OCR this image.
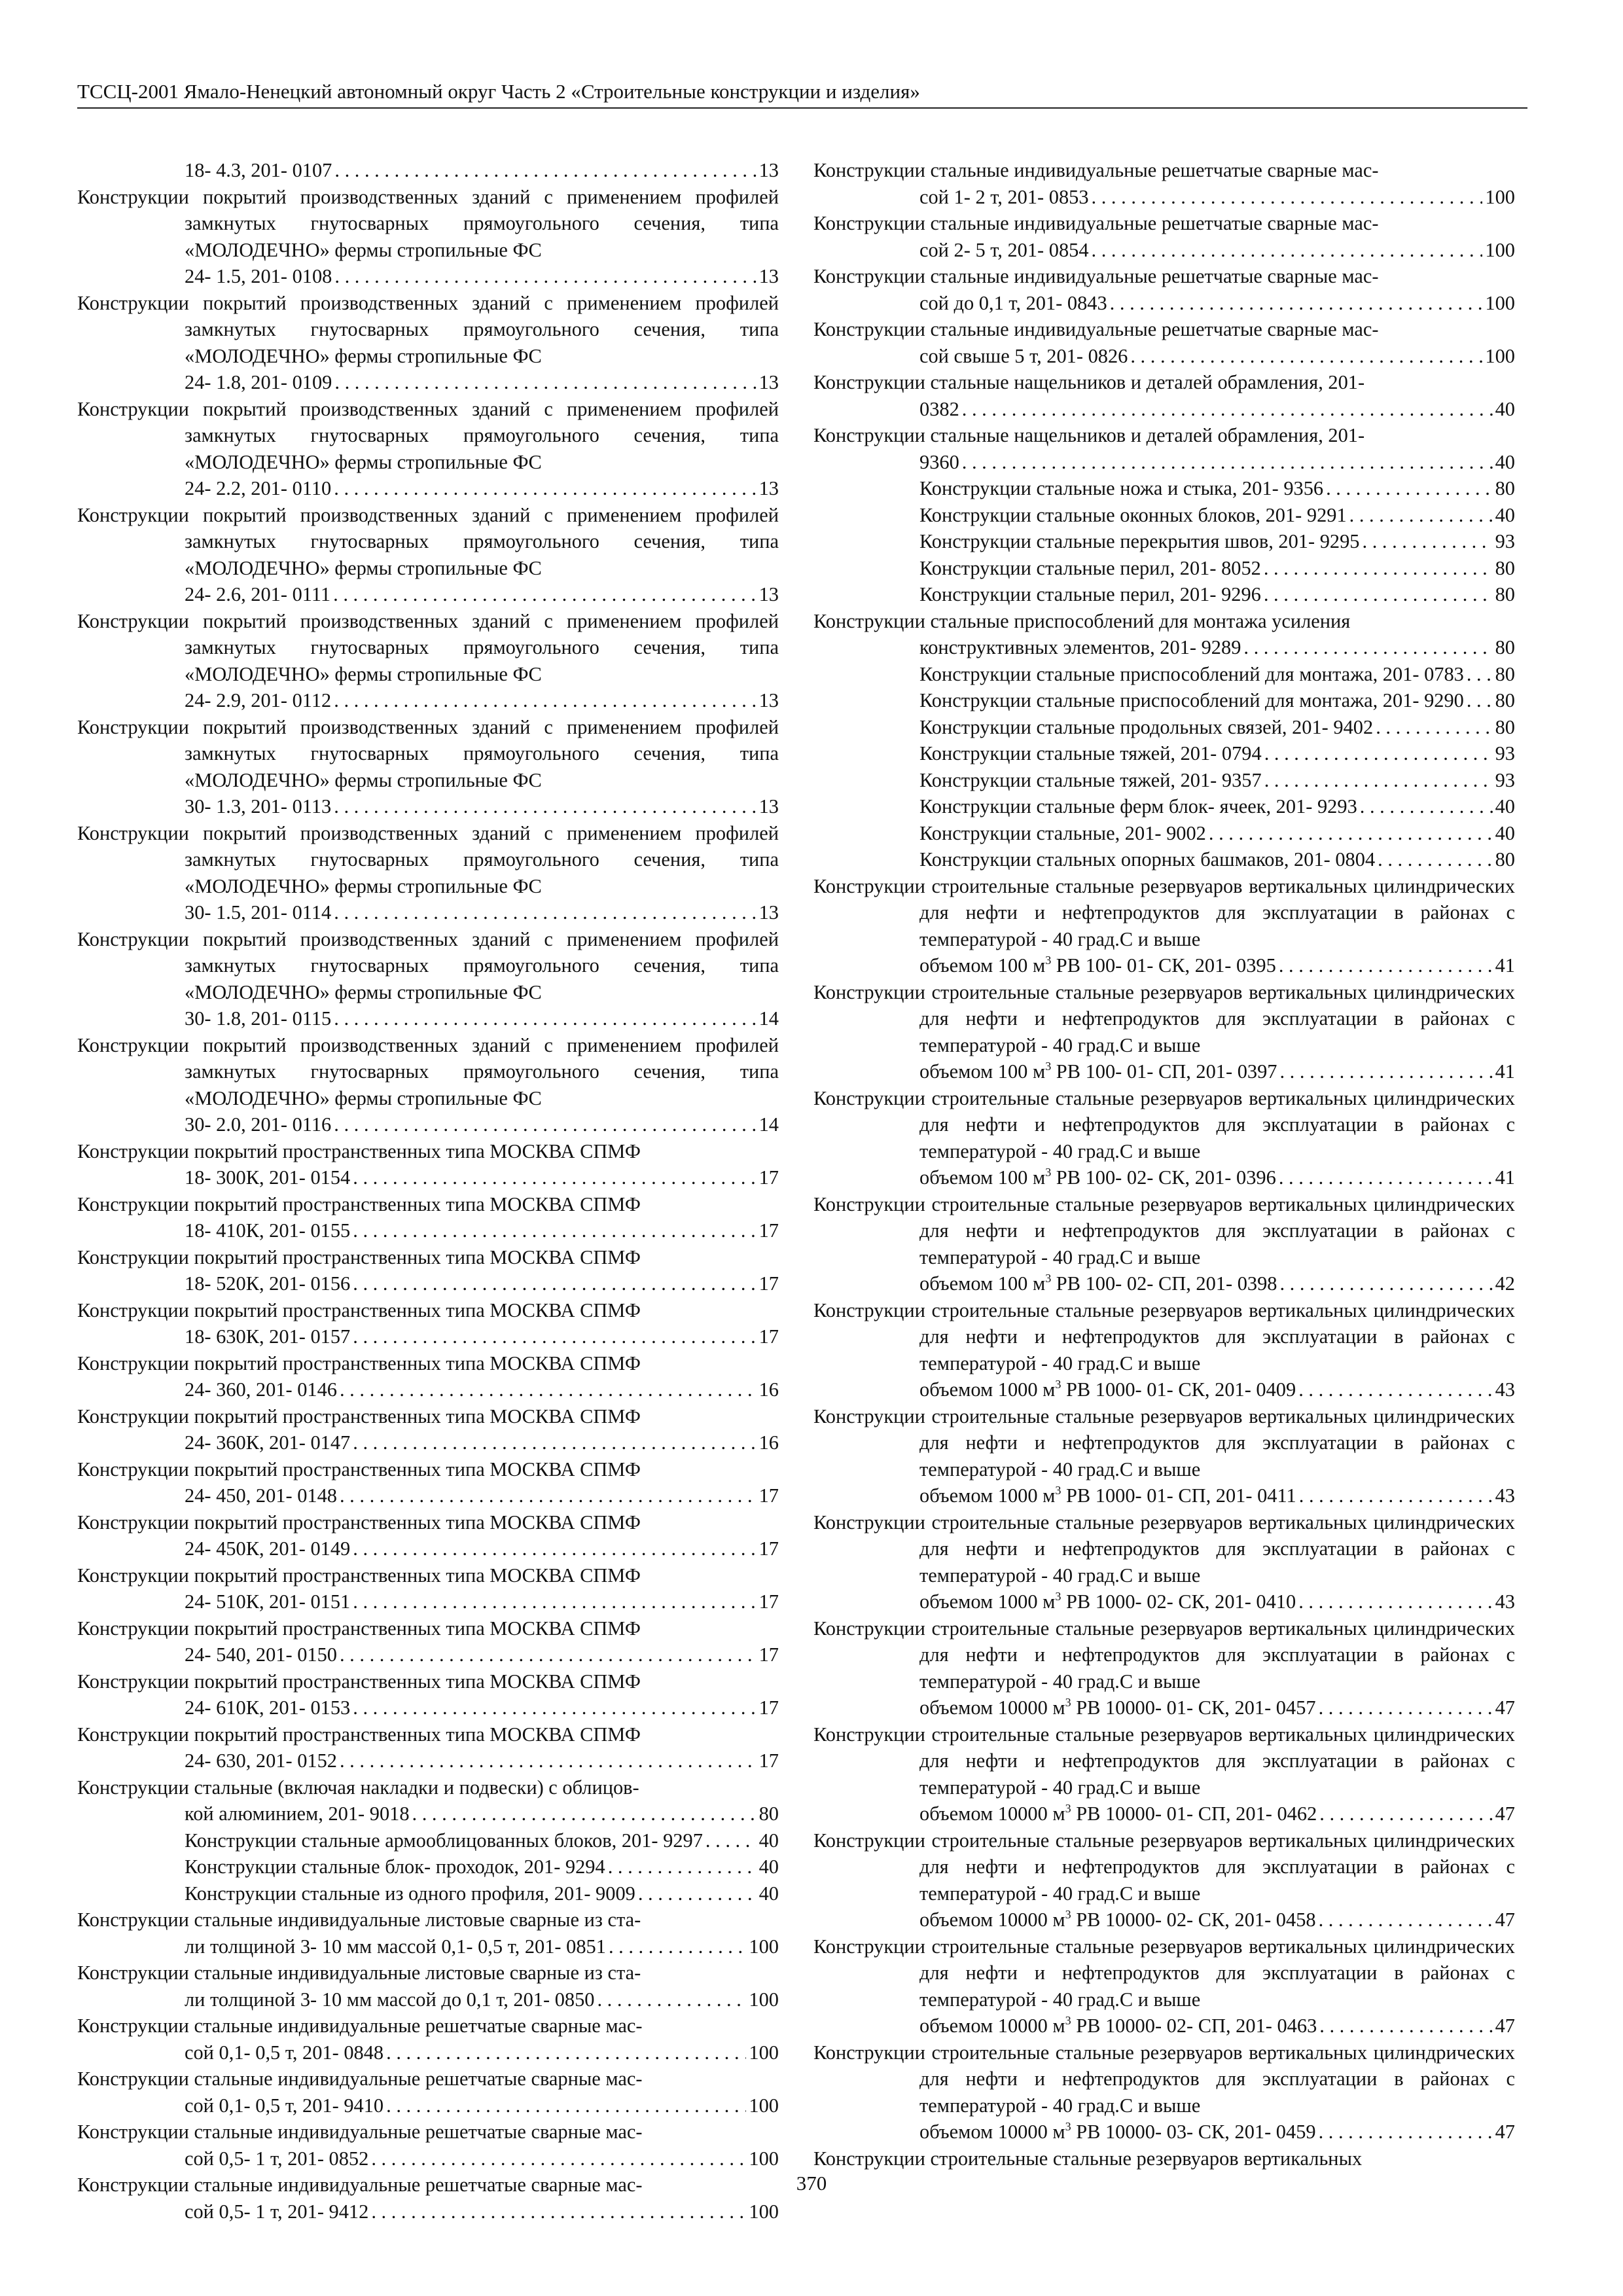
ТССЦ-2001 Ямало-Ненецкий автономный округ Часть 2 «Строительные конструкции и изделия»
18- 4.3, 201- 0107 . . .	13
Конструкции покрытий производственных зданий с применением профилей замкнутых гнутосварных прямоугольного сечения, типа «МОЛОДЕЧНО» фермы стропильные ФС
24- 1.5, 201- 0108 . . .	13
Конструкции покрытий производственных зданий с применением профилей замкнутых гнутосварных прямоугольного сечения, типа «МОЛОДЕЧНО» фермы стропильные ФС
24- 1.8, 201- 0109 . . .	13
Конструкции покрытий производственных зданий с применением профилей замкнутых гнутосварных прямоугольного сечения, типа «МОЛОДЕЧНО» фермы стропильные ФС
24- 2.2, 201- 0110 . . .	13
Конструкции покрытий производственных зданий с применением профилей замкнутых гнутосварных прямоугольного сечения, типа «МОЛОДЕЧНО» фермы стропильные ФС
24- 2.6, 201- 0111 . . .	13
Конструкции покрытий производственных зданий с применением профилей замкнутых гнутосварных прямоугольного сечения, типа «МОЛОДЕЧНО» фермы стропильные ФС
24- 2.9, 201- 0112 . . .	13
Конструкции покрытий производственных зданий с применением профилей замкнутых гнутосварных прямоугольного сечения, типа «МОЛОДЕЧНО» фермы стропильные ФС
30- 1.3, 201- 0113 . . .	13
Конструкции покрытий производственных зданий с применением профилей замкнутых гнутосварных прямоугольного сечения, типа «МОЛОДЕЧНО» фермы стропильные ФС
30- 1.5, 201- 0114 . . .	13
Конструкции покрытий производственных зданий с применением профилей замкнутых гнутосварных прямоугольного сечения, типа «МОЛОДЕЧНО» фермы стропильные ФС
30- 1.8, 201- 0115 . . .	14
Конструкции покрытий производственных зданий с применением профилей замкнутых гнутосварных прямоугольного сечения, типа «МОЛОДЕЧНО» фермы стропильные ФС
30- 2.0, 201- 0116 . . .	14
Конструкции покрытий пространственных типа МОСКВА СПМФ
18- 300К, 201- 0154 . . .	17
Конструкции покрытий пространственных типа МОСКВА СПМФ
18- 410К, 201- 0155 . . .	17
Конструкции покрытий пространственных типа МОСКВА СПМФ
18- 520К, 201- 0156 . . .	17
Конструкции покрытий пространственных типа МОСКВА СПМФ
18- 630К, 201- 0157 . . .	17
Конструкции покрытий пространственных типа МОСКВА СПМФ
24- 360, 201- 0146 . . .	16
Конструкции покрытий пространственных типа МОСКВА СПМФ
24- 360К, 201- 0147 . . .	16
Конструкции покрытий пространственных типа МОСКВА СПМФ
24- 450, 201- 0148 . . .	17
Конструкции покрытий пространственных типа МОСКВА СПМФ
24- 450К, 201- 0149 . . .	17
Конструкции покрытий пространственных типа МОСКВА СПМФ
24- 510К, 201- 0151 . . .	17
Конструкции покрытий пространственных типа МОСКВА СПМФ
24- 540, 201- 0150 . . .	17
Конструкции покрытий пространственных типа МОСКВА СПМФ
24- 610К, 201- 0153 . . .	17
Конструкции покрытий пространственных типа МОСКВА СПМФ
24- 630, 201- 0152 . . .	17
Конструкции стальные (включая накладки и подвески) с облицов-
кой алюминием, 201- 9018 . . .	80
Конструкции стальные армооблицованных блоков, 201- 9297 . . .	40
Конструкции стальные блок- проходок, 201- 9294 . . .	40
Конструкции стальные из одного профиля, 201- 9009 . . .	40
Конструкции стальные индивидуальные листовые сварные из ста-
ли толщиной 3- 10 мм массой 0,1- 0,5 т, 201- 0851 . . .	100
Конструкции стальные индивидуальные листовые сварные из ста-
ли толщиной 3- 10 мм массой до 0,1 т, 201- 0850 . . .	100
Конструкции стальные индивидуальные решетчатые сварные мас-
сой 0,1- 0,5 т, 201- 0848 . . .	100
Конструкции стальные индивидуальные решетчатые сварные мас-
сой 0,1- 0,5 т, 201- 9410 . . .	100
Конструкции стальные индивидуальные решетчатые сварные мас-
сой 0,5- 1 т, 201- 0852 . . .	100
Конструкции стальные индивидуальные решетчатые сварные мас-
сой 0,5- 1 т, 201- 9412 . . .	100
Конструкции стальные индивидуальные решетчатые сварные мас-
сой 1- 2 т, 201- 0853 . . .	100
Конструкции стальные индивидуальные решетчатые сварные мас-
сой 2- 5 т, 201- 0854 . . .	100
Конструкции стальные индивидуальные решетчатые сварные мас-
сой до 0,1 т, 201- 0843 . . .	100
Конструкции стальные индивидуальные решетчатые сварные мас-
сой свыше 5 т, 201- 0826 . . .	100
Конструкции стальные нащельников и деталей обрамления, 201-
0382 . . .	40
Конструкции стальные нащельников и деталей обрамления, 201-
9360 . . .	40
Конструкции стальные ножа и стыка, 201- 9356 . . .	80
Конструкции стальные оконных блоков, 201- 9291 . . .	40
Конструкции стальные перекрытия швов, 201- 9295 . . .	93
Конструкции стальные перил, 201- 8052 . . .	80
Конструкции стальные перил, 201- 9296 . . .	80
Конструкции стальные приспособлений для монтажа усиления
конструктивных элементов, 201- 9289 . . .	80
Конструкции стальные приспособлений для монтажа, 201- 0783 . . . 80
Конструкции стальные приспособлений для монтажа, 201- 9290 . . . 80
Конструкции стальные продольных связей, 201- 9402 . . .	80
Конструкции стальные тяжей, 201- 0794 . . .	93
Конструкции стальные тяжей, 201- 9357 . . .	93
Конструкции стальные ферм блок- ячеек, 201- 9293 . . .	40
Конструкции стальные, 201- 9002 . . .	40
Конструкции стальных опорных башмаков, 201- 0804 . . .	80
Конструкции строительные стальные резервуаров вертикальных цилиндрических для нефти и нефтепродуктов для эксплуатации в районах с температурой - 40 град.С и выше
объемом 100 $м^3$ РВ 100- 01- СК, 201- 0395 . . .	41
Конструкции строительные стальные резервуаров вертикальных цилиндрических для нефти и нефтепродуктов для эксплуатации в районах с температурой - 40 град.С и выше
объемом 100 $м^3$ РВ 100- 01- СП, 201- 0397 . . .	41
Конструкции строительные стальные резервуаров вертикальных цилиндрических для нефти и нефтепродуктов для эксплуатации в районах с температурой - 40 град.С и выше
объемом 100 $м^3$ РВ 100- 02- СК, 201- 0396 . . .	41
Конструкции строительные стальные резервуаров вертикальных цилиндрических для нефти и нефтепродуктов для эксплуатации в районах с температурой - 40 град.С и выше
объемом 100 $м^3$ РВ 100- 02- СП, 201- 0398 . . .	42
Конструкции строительные стальные резервуаров вертикальных цилиндрических для нефти и нефтепродуктов для эксплуатации в районах с температурой - 40 град.С и выше
объемом 1000 $м^3$ РВ 1000- 01- СК, 201- 0409 . . .	43
Конструкции строительные стальные резервуаров вертикальных цилиндрических для нефти и нефтепродуктов для эксплуатации в районах с температурой - 40 град.С и выше
объемом 1000 $м^3$ РВ 1000- 01- СП, 201- 0411 . . .	43
Конструкции строительные стальные резервуаров вертикальных цилиндрических для нефти и нефтепродуктов для эксплуатации в районах с температурой - 40 град.С и выше
объемом 1000 $м^3$ РВ 1000- 02- СК, 201- 0410 . . .	43
Конструкции строительные стальные резервуаров вертикальных цилиндрических для нефти и нефтепродуктов для эксплуатации в районах с температурой - 40 град.С и выше
объемом 10000 $м^3$ РВ 10000- 01- СК, 201- 0457 . . .	47
Конструкции строительные стальные резервуаров вертикальных цилиндрических для нефти и нефтепродуктов для эксплуатации в районах с температурой - 40 град.С и выше
объемом 10000 $м^3$ РВ 10000- 01- СП, 201- 0462 . . .	47
Конструкции строительные стальные резервуаров вертикальных цилиндрических для нефти и нефтепродуктов для эксплуатации в районах с температурой - 40 град.С и выше
объемом 10000 $м^3$ РВ 10000- 02- СК, 201- 0458 . . .	47
Конструкции строительные стальные резервуаров вертикальных цилиндрических для нефти и нефтепродуктов для эксплуатации в районах с температурой - 40 град.С и выше
объемом 10000 $м^3$ РВ 10000- 02- СП, 201- 0463 . . .	47
Конструкции строительные стальные резервуаров вертикальных цилиндрических для нефти и нефтепродуктов для эксплуатации в районах с температурой - 40 град.С и выше
объемом 10000 $м^3$ РВ 10000- 03- СК, 201- 0459 . . .	47
Конструкции строительные стальные резервуаров вертикальных
370
